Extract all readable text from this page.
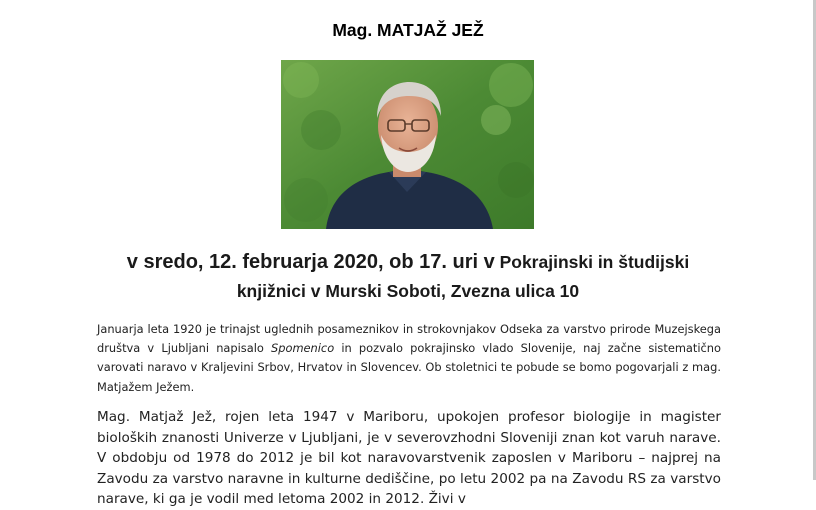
Mag. MATJAŽ JEŽ
v sredo, 12. februarja 2020, ob 17. uri v Pokrajinski in študijski
knjižnici v Murski Soboti, Zvezna ulica 10
Januarja leta 1920 je trinajst uglednih posameznikov in strokovnjakov Odseka za varstvo prirode Muzejskega društva v Ljubljani napisalo Spomenico in pozvalo pokrajinsko vlado Slovenije, naj začne sistematično varovati naravo v Kraljevini Srbov, Hrvatov in Slovencev. Ob stoletnici te pobude se bomo pogovarjali z mag. Matjažem Ježem.
Mag. Matjaž Jež, rojen leta 1947 v Mariboru, upokojen profesor biologije in magister bioloških znanosti Univerze v Ljubljani, je v severovzhodni Sloveniji znan kot varuh narave. V obdobju od 1978 do 2012 je bil kot naravovarstvenik zaposlen v Mariboru – najprej na Zavodu za varstvo naravne in kulturne dediščine, po letu 2002 pa na Zavodu RS za varstvo narave, ki ga je vodil med letoma 2002 in 2012. Živi v
